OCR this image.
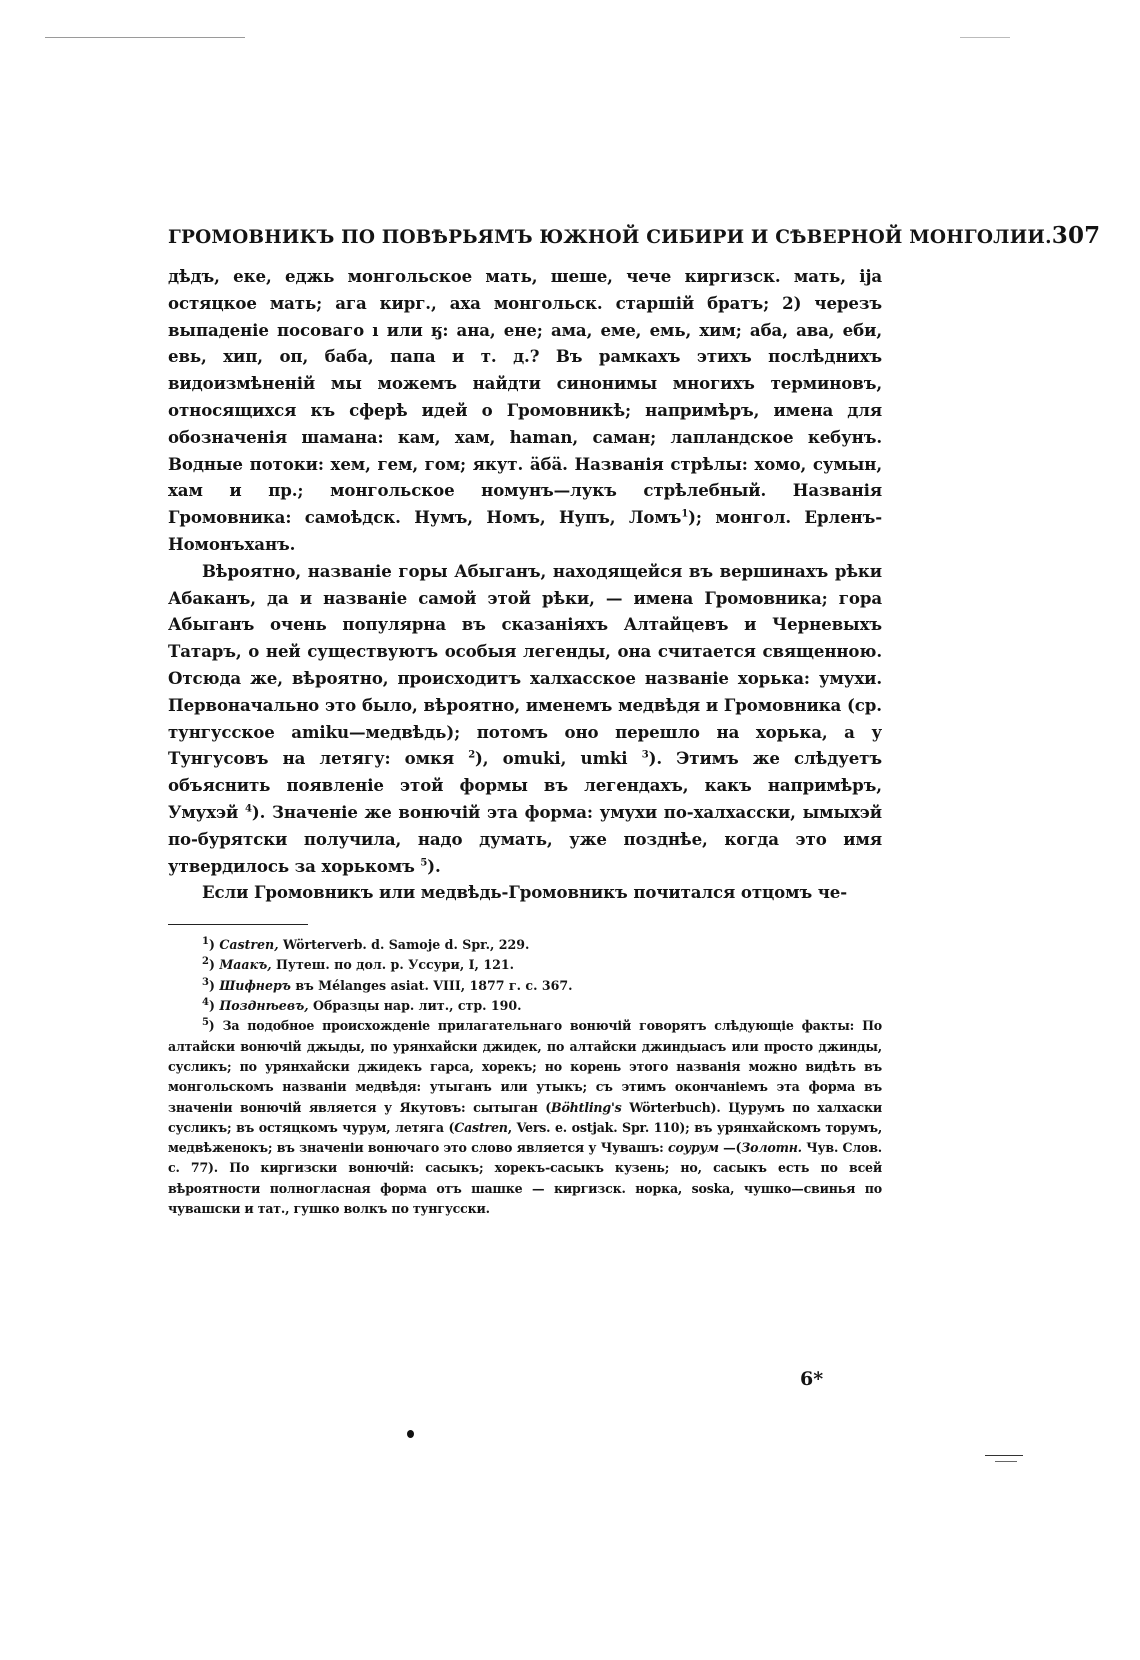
ГРОМОВНИКЪ ПО ПОВѢРЬЯМЪ ЮЖНОЙ СИБИРИ И СѢВЕРНОЙ МОНГОЛИИ. 307

дѣдъ, еке, еджь монгольское мать, шеше, чече киргизск. мать, ija остяцкое мать; ага кирг., аха монгольск. старшій братъ; 2) черезъ выпаденіе посоваго ı или ӄ: ана, ене; ама, еме, емь, хим; аба, ава, еби, евь, хип, оп, баба, папа и т. д.? Въ рамкахъ этихъ послѣднихъ видоизмѣненій мы можемъ найдти синонимы многихъ терминовъ, относящихся къ сферѣ идей о Громовникѣ; напримѣръ, имена для обозначенія шамана: кам, хам, haman, саман; лапландское кебунъ. Водные потоки: хем, гем, гом; якут. äбä. Названія стрѣлы: хомо, сумын, хам и пр.; монгольское номунъ—лукъ стрѣлебный. Названія Громовника: самоѣдск. Нумъ, Номъ, Нупъ, Ломъ$^1$); монгол. Ерленъ-Номонъханъ.

Вѣроятно, названіе горы Абыганъ, находящейся въ вершинахъ рѣки Абаканъ, да и названіе самой этой рѣки, — имена Громовника; гора Абыганъ очень популярна въ сказаніяхъ Алтайцевъ и Черневыхъ Татаръ, о ней существуютъ особыя легенды, она считается священною. Отсюда же, вѣроятно, происходитъ халхасское названіе хорька: умухи. Первоначально это было, вѣроятно, именемъ медвѣдя и Громовника (ср. тунгусское amiku—медвѣдь); потомъ оно перешло на хорька, а у Тунгусовъ на летягу: омкя $^2$), omuki, umki $^3$). Этимъ же слѣдуетъ объяснить появленіе этой формы въ легендахъ, какъ напримѣръ, Умухэй $^4$). Значеніе же вонючій эта форма: умухи по-халхасски, ымыхэй по-бурятски получила, надо думать, уже позднѣе, когда это имя утвердилось за хорькомъ $^5$).

Если Громовникъ или медвѣдь-Громовникъ почитался отцомъ че-

$^1$) Castren, Wörterverb. d. Samoje d. Spr., 229.

$^2$) Маакъ, Путеш. по дол. р. Уссури, I, 121.

$^3$) Шифнеръ въ Mélanges asiat. VIII, 1877 г. с. 367.

$^4$) Позднѣевъ, Образцы нар. лит., стр. 190.

$^5$) За подобное происхожденіе прилагательнаго вонючій говорятъ слѣдующіе факты: По алтайски вонючій джыды, по урянхайски джидек, по алтайски джиндыасъ или просто джинды, сусликъ; по урянхайски джидекъ гарса, хорекъ; но корень этого названія можно видѣть въ монгольскомъ названіи медвѣдя: утыганъ или утыкъ; съ этимъ окончаніемъ эта форма въ значеніи вонючій является у Якутовъ: сытыган (Böhtling's Wörterbuch). Цурумъ по халхаски сусликъ; въ остяцкомъ чурум, летяга (Castren, Vers. e. ostjak. Spr. 110); въ урянхайскомъ торумъ, медвѣженокъ; въ значеніи вонючаго это слово является у Чувашъ: соурум —(Золотн. Чув. Слов. с. 77). По киргизски вонючій: сасыкъ; хорекъ-сасыкъ кузень; но, сасыкъ есть по всей вѣроятности полногласная форма отъ шашке — киргизск. норка, soska, чушко—свинья по чувашски и тат., гушко волкъ по тунгусски.

6*
